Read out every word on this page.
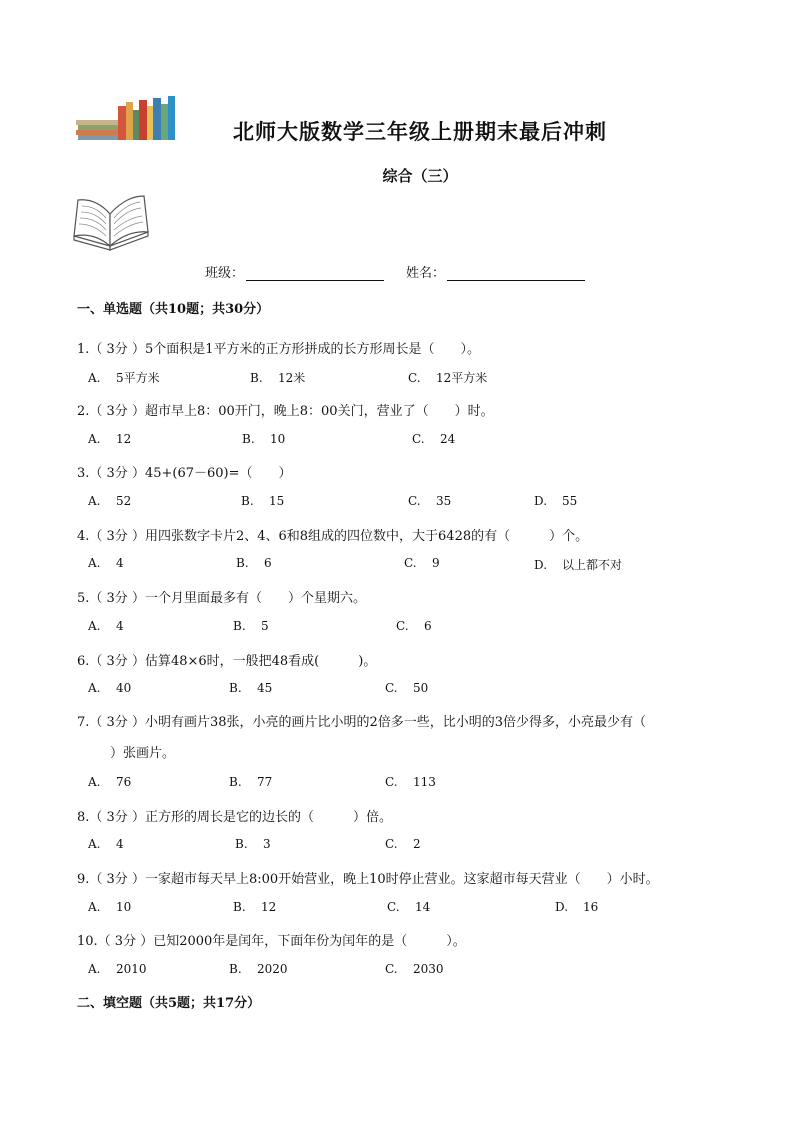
北师大版数学三年级上册期末最后冲刺
综合（三）
班级：	姓名：
一、单选题（共10题；共30分）
1.（ 3分 ）5个面积是1平方米的正方形拼成的长方形周长是（　　）。
A. 5平方米	B. 12米	C. 12平方米
2.（ 3分 ）超市早上8：00开门，晚上8：00关门，营业了（　　）时。
A. 12	B. 10	C. 24
3.（ 3分 ）45+(67－60)=（　　）
A. 52	B. 15	C. 35	D. 55
4.（ 3分 ）用四张数字卡片2、4、6和8组成的四位数中，大于6428的有（　　　）个。
A. 4	B. 6	C. 9	D. 以上都不对
5.（ 3分 ）一个月里面最多有（　　）个星期六。
A. 4	B. 5	C. 6
6.（ 3分 ）估算48×6时，一般把48看成(　　　)。
A. 40	B. 45	C. 50
7.（ 3分 ）小明有画片38张，小亮的画片比小明的2倍多一些，比小明的3倍少得多，小亮最少有（
）张画片。
A. 76	B. 77	C. 113
8.（ 3分 ）正方形的周长是它的边长的（　　　）倍。
A. 4	B. 3	C. 2
9.（ 3分 ）一家超市每天早上8:00开始营业，晚上10时停止营业。这家超市每天营业（　　）小时。
A. 10	B. 12	C. 14	D. 16
10.（ 3分 ）已知2000年是闰年，下面年份为闰年的是（　　　）。
A. 2010	B. 2020	C. 2030
二、填空题（共5题；共17分）
